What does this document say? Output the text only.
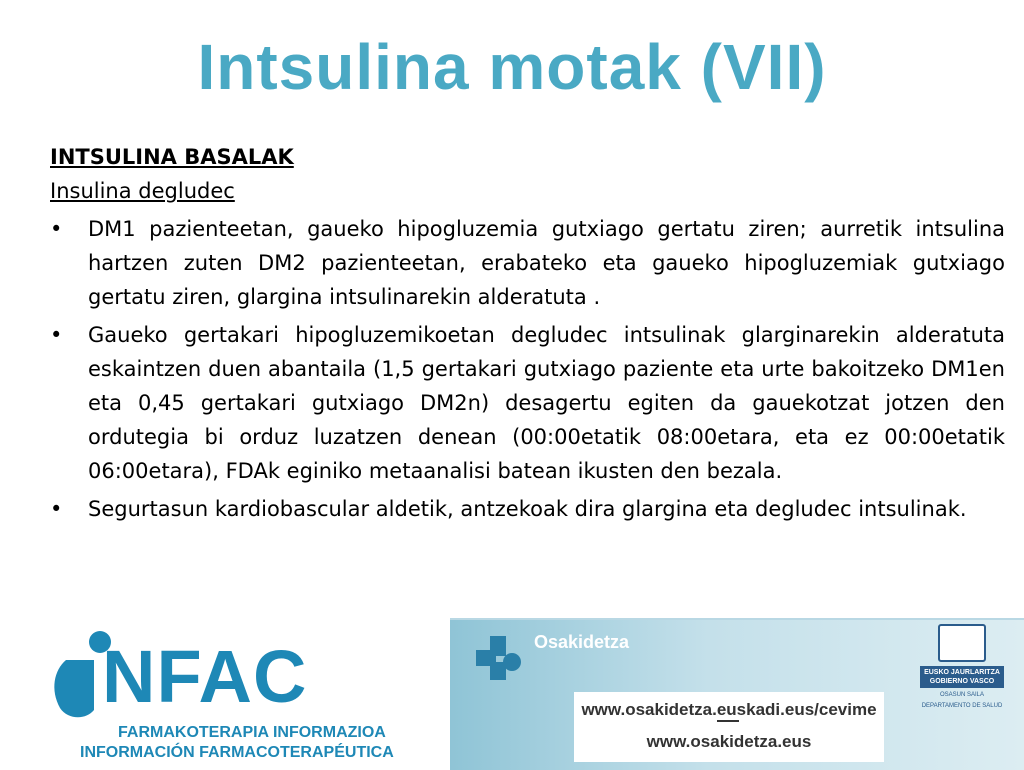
Intsulina motak (VII)

INTSULINA BASALAK

Insulina degludec

• DM1 pazienteetan, gaueko hipogluzemia gutxiago gertatu ziren; aurretik intsulina hartzen zuten DM2 pazienteetan, erabateko eta gaueko hipogluzemiak gutxiago gertatu ziren, glargina intsulinarekin alderatuta .
• Gaueko gertakari hipogluzemikoetan degludec intsulinak glarginarekin alderatuta eskaintzen duen abantaila (1,5 gertakari gutxiago paziente eta urte bakoitzeko DM1en eta 0,45 gertakari gutxiago DM2n) desagertu egiten da gauekotzat jotzen den ordutegia bi orduz luzatzen denean (00:00etatik 08:00etara, eta ez 00:00etatik 06:00etara), FDAk eginiko metaanalisi batean ikusten den bezala.
• Segurtasun kardiobascular aldetik, antzekoak dira glargina eta degludec intsulinak.
NFAC
FARMAKOTERAPIA INFORMAZIOA
INFORMACIÓN FARMACOTERAPÉUTICA
Osakidetza
www.osakidetza.euskadi.eus/cevime
www.osakidetza.eus
EUSKO JAURLARITZA
GOBIERNO VASCO
OSASUN SAILA
DEPARTAMENTO DE SALUD
